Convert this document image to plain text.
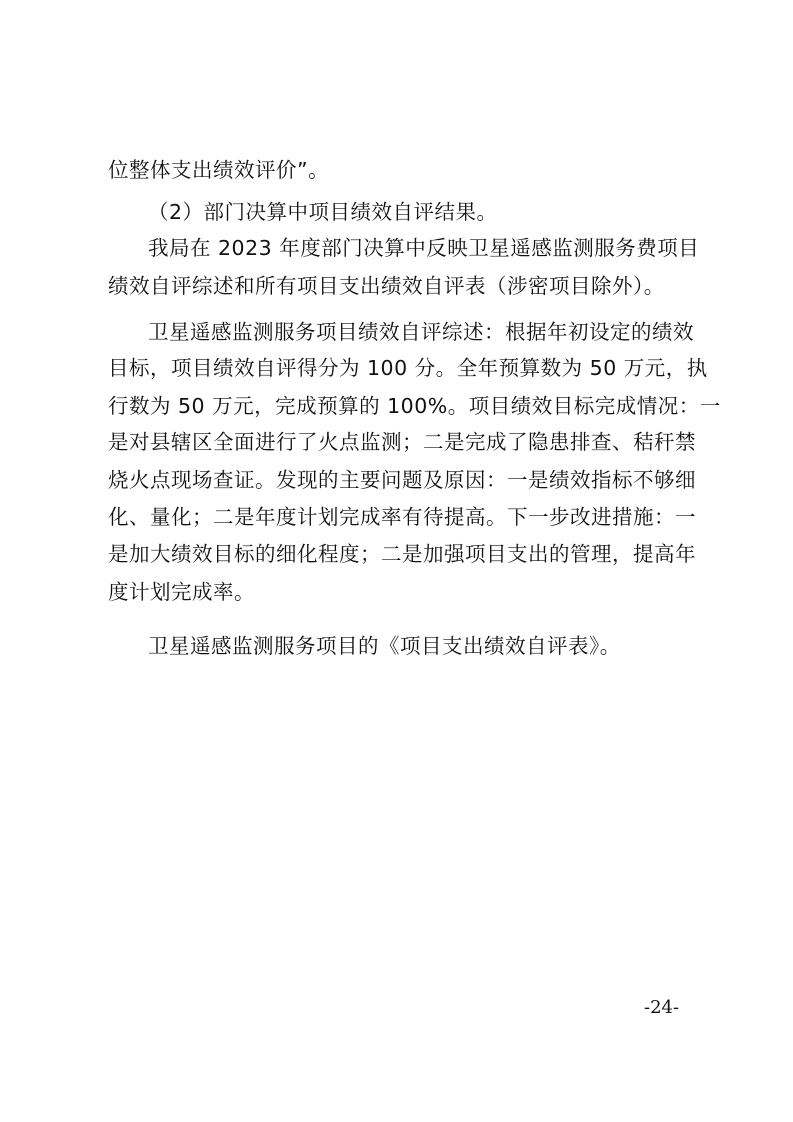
位整体支出绩效评价”。
（2）部门决算中项目绩效自评结果。
我局在 2023 年度部门决算中反映卫星遥感监测服务费项目
绩效自评综述和所有项目支出绩效自评表（涉密项目除外）。
卫星遥感监测服务项目绩效自评综述：根据年初设定的绩效
目标，项目绩效自评得分为 100 分。全年预算数为 50 万元，执
行数为 50 万元，完成预算的 100%。项目绩效目标完成情况：一
是对县辖区全面进行了火点监测；二是完成了隐患排查、秸秆禁
烧火点现场查证。发现的主要问题及原因：一是绩效指标不够细
化、量化；二是年度计划完成率有待提高。下一步改进措施：一
是加大绩效目标的细化程度；二是加强项目支出的管理，提高年
度计划完成率。
卫星遥感监测服务项目的《项目支出绩效自评表》。
-24-
